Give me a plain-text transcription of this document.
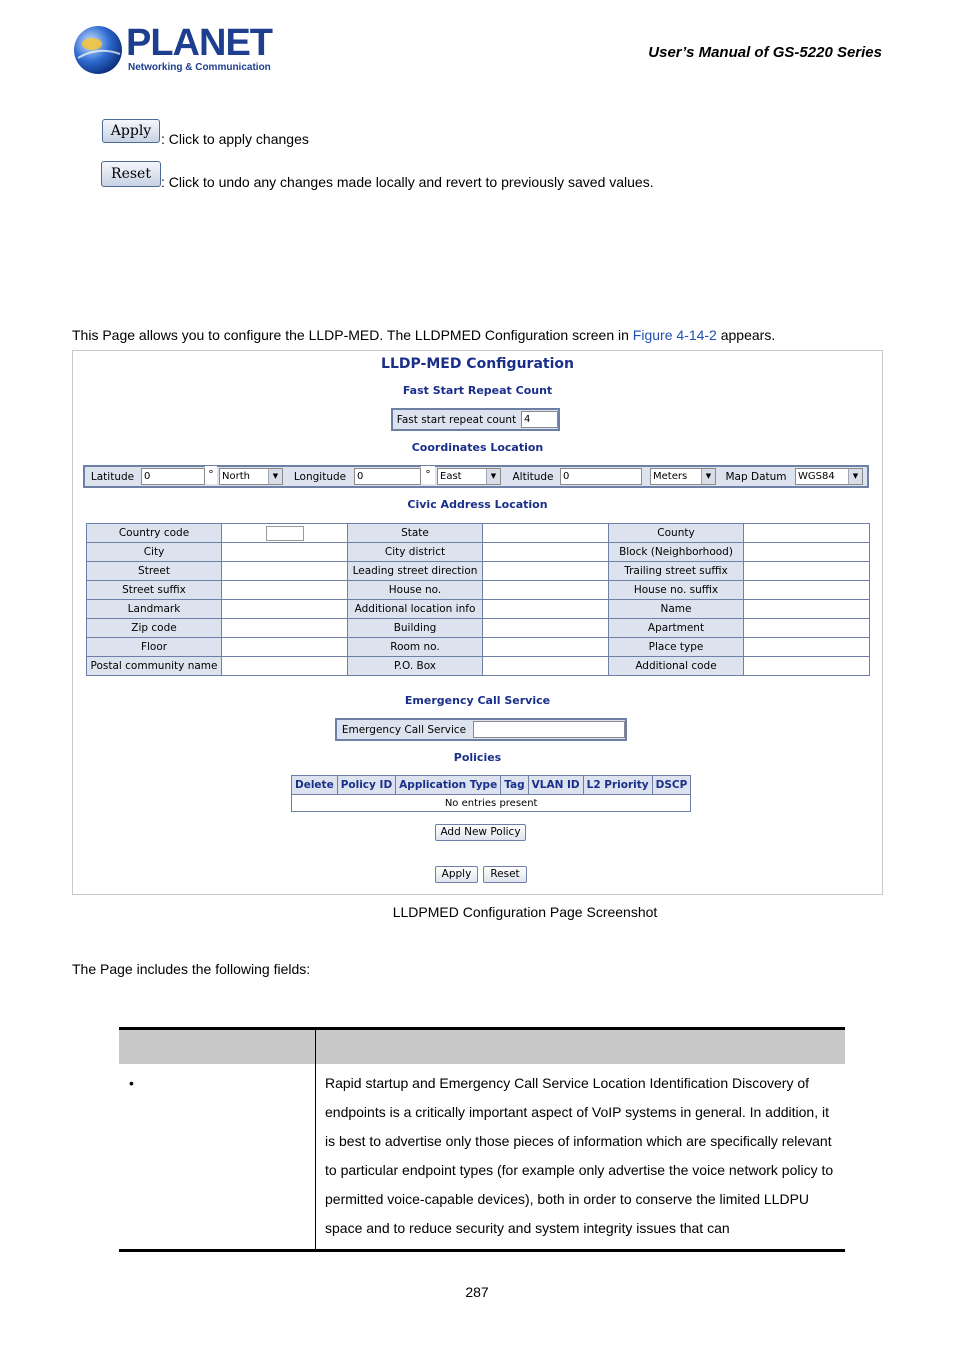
PLANET
Networking & Communication
User’s Manual of GS-5220 Series
Apply : Click to apply changes
Reset : Click to undo any changes made locally and revert to previously saved values.
This Page allows you to configure the LLDP-MED. The LLDPMED Configuration screen in Figure 4-14-2 appears.
LLDP-MED Configuration
Fast Start Repeat Count
Fast start repeat count 4
Coordinates Location
Latitude 0	° North	▼	Longitude	0	° East	▼	Altitude 0	Meters	▼	Map Datum	WGS84	▼
Civic Address Location
Country code		State		County	
City		City district		Block (Neighborhood)	
Street		Leading street direction		Trailing street suffix	
Street suffix		House no.		House no. suffix	
Landmark		Additional location info		Name	
Zip code		Building		Apartment	
Floor		Room no.		Place type	
Postal community name		P.O. Box		Additional code	
Emergency Call Service
Emergency Call Service
Policies
Delete	Policy ID	Application Type	Tag	VLAN ID	L2 Priority	DSCP
No entries present
Add New Policy
Apply	Reset
LLDPMED Configuration Page Screenshot
The Page includes the following fields:

•	Rapid startup and Emergency Call Service Location Identification Discovery of endpoints is a critically important aspect of VoIP systems in general. In addition, it is best to advertise only those pieces of information which are specifically relevant to particular endpoint types (for example only advertise the voice network policy to permitted voice-capable devices), both in order to conserve the limited LLDPU space and to reduce security and system integrity issues that can
287
